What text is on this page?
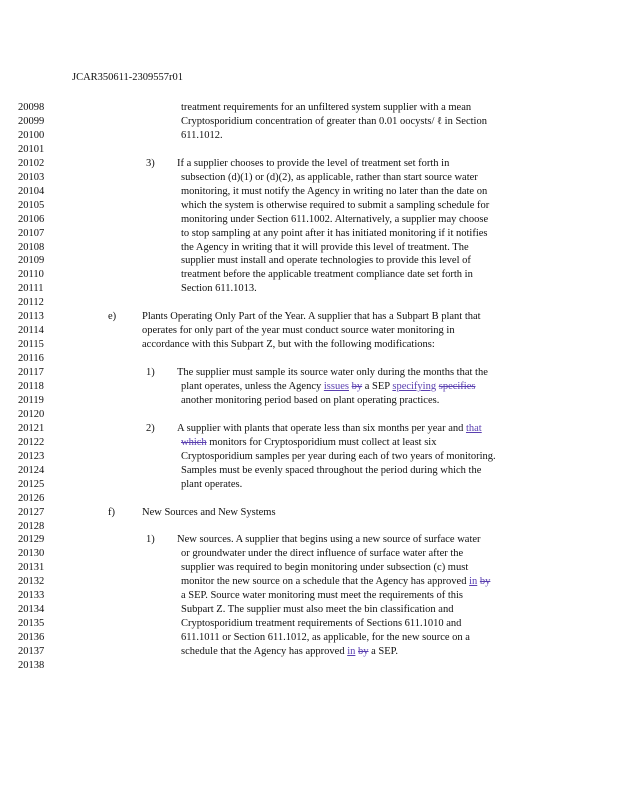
JCAR350611-2309557r01
20098	treatment requirements for an unfiltered system supplier with a mean
20099	Cryptosporidium concentration of greater than 0.01 oocysts/ ℓ in Section
20100	611.1012.
20101
20102	3) If a supplier chooses to provide the level of treatment set forth in
20103	subsection (d)(1) or (d)(2), as applicable, rather than start source water
20104	monitoring, it must notify the Agency in writing no later than the date on
20105	which the system is otherwise required to submit a sampling schedule for
20106	monitoring under Section 611.1002. Alternatively, a supplier may choose
20107	to stop sampling at any point after it has initiated monitoring if it notifies
20108	the Agency in writing that it will provide this level of treatment. The
20109	supplier must install and operate technologies to provide this level of
20110	treatment before the applicable treatment compliance date set forth in
20111	Section 611.1013.
20112
20113	e) Plants Operating Only Part of the Year. A supplier that has a Subpart B plant that
20114	operates for only part of the year must conduct source water monitoring in
20115	accordance with this Subpart Z, but with the following modifications:
20116
20117	1) The supplier must sample its source water only during the months that the
20118	plant operates, unless the Agency issues by a SEP specifying specifies
20119	another monitoring period based on plant operating practices.
20120
20121	2) A supplier with plants that operate less than six months per year and that
20122	which monitors for Cryptosporidium must collect at least six
20123	Cryptosporidium samples per year during each of two years of monitoring.
20124	Samples must be evenly spaced throughout the period during which the
20125	plant operates.
20126
20127	f)	New Sources and New Systems
20128
20129	1) New sources. A supplier that begins using a new source of surface water
20130	or groundwater under the direct influence of surface water after the
20131	supplier was required to begin monitoring under subsection (c) must
20132	monitor the new source on a schedule that the Agency has approved in by
20133	a SEP. Source water monitoring must meet the requirements of this
20134	Subpart Z. The supplier must also meet the bin classification and
20135	Cryptosporidium treatment requirements of Sections 611.1010 and
20136	611.1011 or Section 611.1012, as applicable, for the new source on a
20137	schedule that the Agency has approved in by a SEP.
20138
